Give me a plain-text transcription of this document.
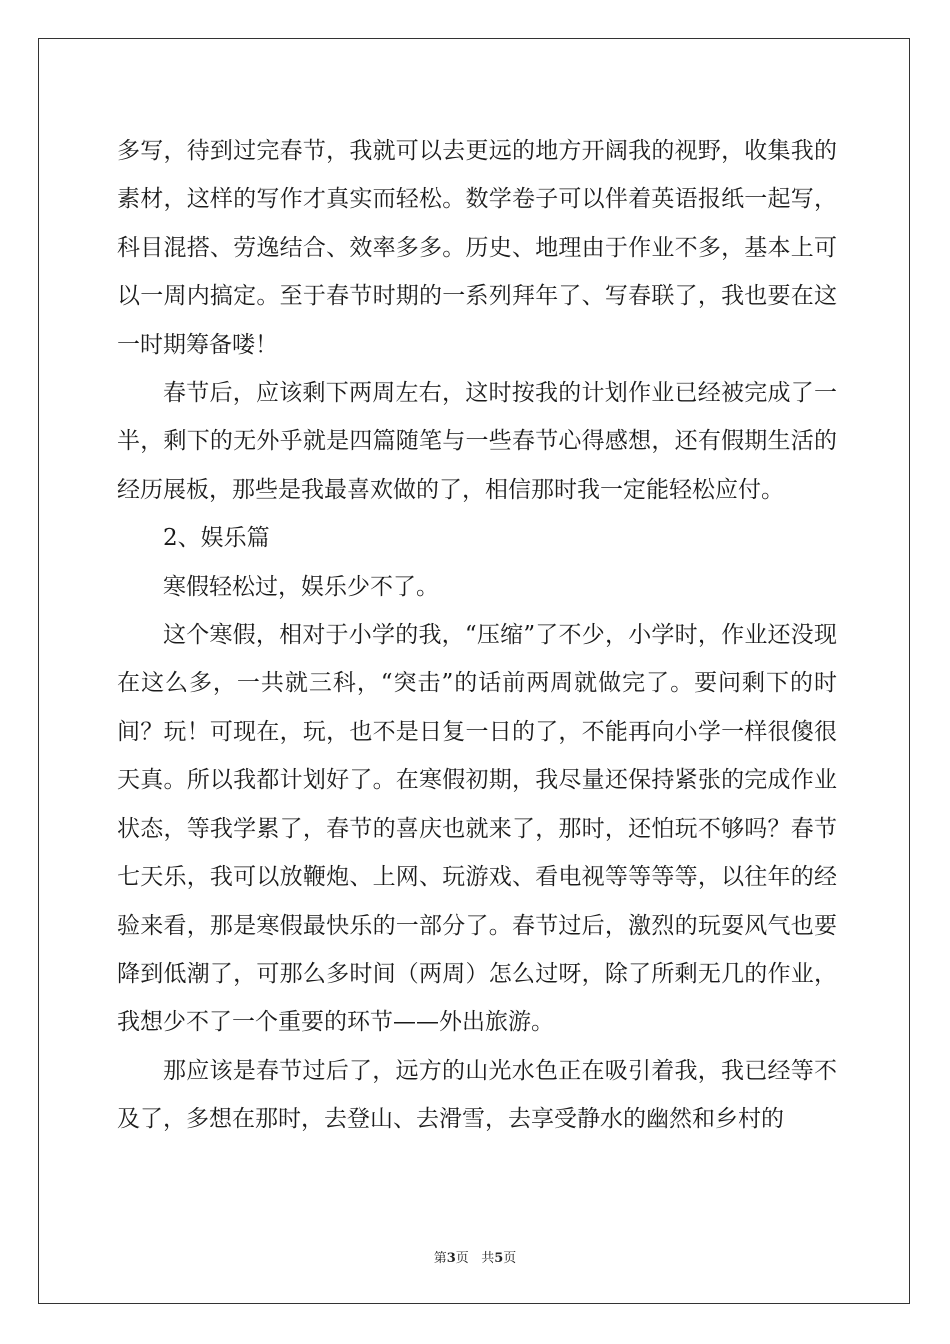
多写，待到过完春节，我就可以去更远的地方开阔我的视野，收集我的素材，这样的写作才真实而轻松。数学卷子可以伴着英语报纸一起写，科目混搭、劳逸结合、效率多多。历史、地理由于作业不多，基本上可以一周内搞定。至于春节时期的一系列拜年了、写春联了，我也要在这一时期筹备喽！

春节后，应该剩下两周左右，这时按我的计划作业已经被完成了一半，剩下的无外乎就是四篇随笔与一些春节心得感想，还有假期生活的经历展板，那些是我最喜欢做的了，相信那时我一定能轻松应付。

2、娱乐篇

寒假轻松过，娱乐少不了。

这个寒假，相对于小学的我，“压缩”了不少，小学时，作业还没现在这么多，一共就三科，“突击”的话前两周就做完了。要问剩下的时间？玩！可现在，玩，也不是日复一日的了，不能再向小学一样很傻很天真。所以我都计划好了。在寒假初期，我尽量还保持紧张的完成作业状态，等我学累了，春节的喜庆也就来了，那时，还怕玩不够吗？春节七天乐，我可以放鞭炮、上网、玩游戏、看电视等等等等，以往年的经验来看，那是寒假最快乐的一部分了。春节过后，激烈的玩耍风气也要降到低潮了，可那么多时间（两周）怎么过呀，除了所剩无几的作业，我想少不了一个重要的环节——外出旅游。

那应该是春节过后了，远方的山光水色正在吸引着我，我已经等不及了，多想在那时，去登山、去滑雪，去享受静水的幽然和乡村的

第3页 共5页
